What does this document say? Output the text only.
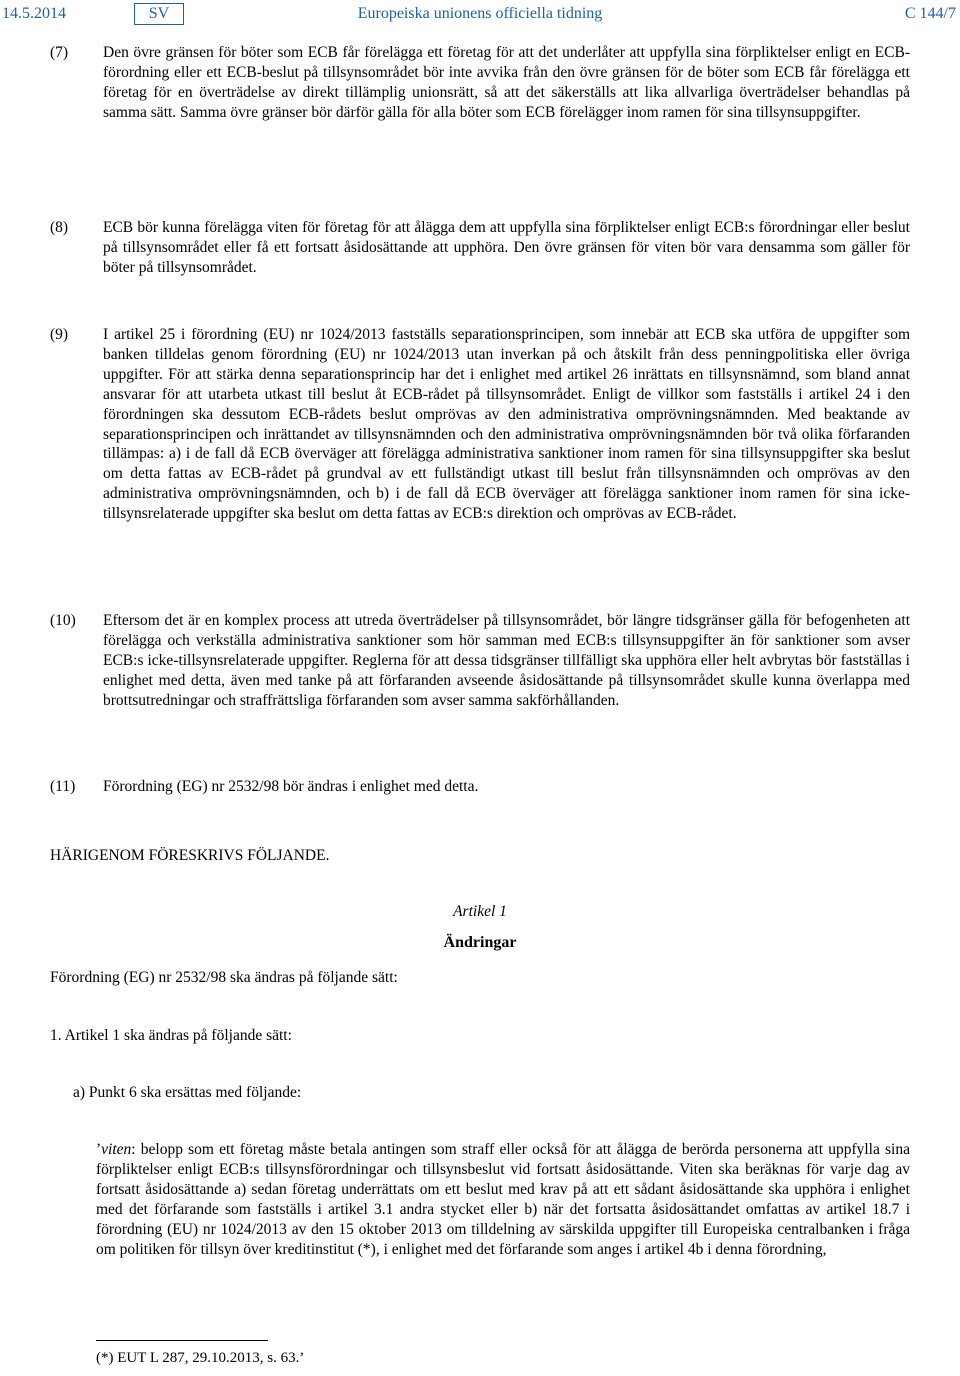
14.5.2014	SV	Europeiska unionens officiella tidning	C 144/7
(7) Den övre gränsen för böter som ECB får förelägga ett företag för att det underlåter att uppfylla sina förpliktelser enligt en ECB-förordning eller ett ECB-beslut på tillsynsområdet bör inte avvika från den övre gränsen för de böter som ECB får förelägga ett företag för en överträdelse av direkt tillämplig unionsrätt, så att det säkerställs att lika allvarliga överträdelser behandlas på samma sätt. Samma övre gränser bör därför gälla för alla böter som ECB förelägger inom ramen för sina tillsynsuppgifter.
(8) ECB bör kunna förelägga viten för företag för att ålägga dem att uppfylla sina förpliktelser enligt ECB:s förordningar eller beslut på tillsynsområdet eller få ett fortsatt åsidosättande att upphöra. Den övre gränsen för viten bör vara densamma som gäller för böter på tillsynsområdet.
(9) I artikel 25 i förordning (EU) nr 1024/2013 fastställs separationsprincipen, som innebär att ECB ska utföra de uppgifter som banken tilldelas genom förordning (EU) nr 1024/2013 utan inverkan på och åtskilt från dess penningpolitiska eller övriga uppgifter. För att stärka denna separationsprincip har det i enlighet med artikel 26 inrättats en tillsynsnämnd, som bland annat ansvarar för att utarbeta utkast till beslut åt ECB-rådet på tillsynsområdet. Enligt de villkor som fastställs i artikel 24 i den förordningen ska dessutom ECB-rådets beslut omprövas av den administrativa omprövningsnämnden. Med beaktande av separationsprincipen och inrättandet av tillsynsnämnden och den administrativa omprövningsnämnden bör två olika förfaranden tillämpas: a) i de fall då ECB överväger att förelägga administrativa sanktioner inom ramen för sina tillsynsuppgifter ska beslut om detta fattas av ECB-rådet på grundval av ett fullständigt utkast till beslut från tillsynsnämnden och omprövas av den administrativa omprövningsnämnden, och b) i de fall då ECB överväger att förelägga sanktioner inom ramen för sina icke-tillsynsrelaterade uppgifter ska beslut om detta fattas av ECB:s direktion och omprövas av ECB-rådet.
(10) Eftersom det är en komplex process att utreda överträdelser på tillsynsområdet, bör längre tidsgränser gälla för befogenheten att förelägga och verkställa administrativa sanktioner som hör samman med ECB:s tillsynsuppgifter än för sanktioner som avser ECB:s icke-tillsynsrelaterade uppgifter. Reglerna för att dessa tidsgränser tillfälligt ska upphöra eller helt avbrytas bör fastställas i enlighet med detta, även med tanke på att förfaranden avseende åsidosättande på tillsynsområdet skulle kunna överlappa med brottsutredningar och straffrättsliga förfaranden som avser samma sakförhållanden.
(11) Förordning (EG) nr 2532/98 bör ändras i enlighet med detta.
HÄRIGENOM FÖRESKRIVS FÖLJANDE.
Artikel 1
Ändringar
Förordning (EG) nr 2532/98 ska ändras på följande sätt:
1. Artikel 1 ska ändras på följande sätt:
a) Punkt 6 ska ersättas med följande:
’viten: belopp som ett företag måste betala antingen som straff eller också för att ålägga de berörda personerna att uppfylla sina förpliktelser enligt ECB:s tillsynsförordningar och tillsynsbeslut vid fortsatt åsidosättande. Viten ska beräknas för varje dag av fortsatt åsidosättande a) sedan företag underrättats om ett beslut med krav på att ett sådant åsidosättande ska upphöra i enlighet med det förfarande som fastställs i artikel 3.1 andra stycket eller b) när det fortsatta åsidosättandet omfattas av artikel 18.7 i förordning (EU) nr 1024/2013 av den 15 oktober 2013 om tilldelning av särskilda uppgifter till Europeiska centralbanken i fråga om politiken för tillsyn över kreditinstitut (*), i enlighet med det förfarande som anges i artikel 4b i denna förordning,
(*) EUT L 287, 29.10.2013, s. 63.’
